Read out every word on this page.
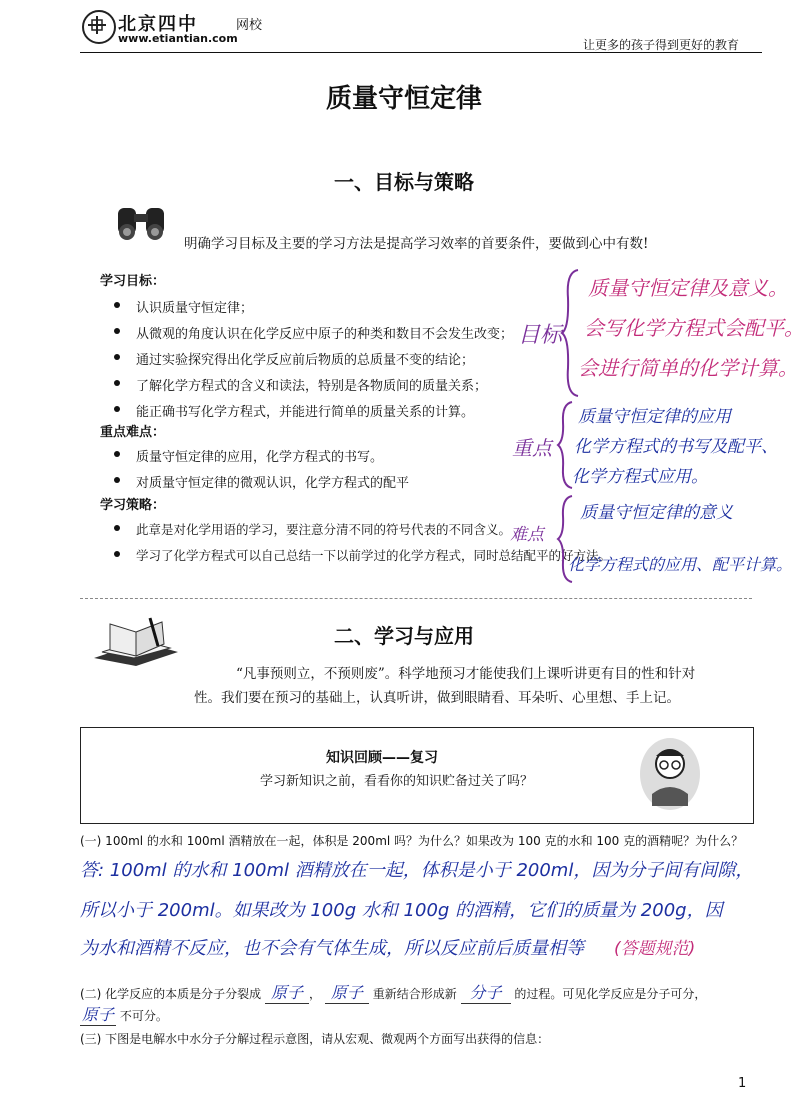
北京四中	网校
www.etiantian.com	让更多的孩子得到更好的教育
质量守恒定律
一、目标与策略
明确学习目标及主要的学习方法是提高学习效率的首要条件，要做到心中有数!
学习目标：
认识质量守恒定律；
从微观的角度认识在化学反应中原子的种类和数目不会发生改变；
通过实验探究得出化学反应前后物质的总质量不变的结论；
了解化学方程式的含义和读法，特别是各物质间的质量关系；
能正确书写化学方程式，并能进行简单的质量关系的计算。
重点难点：
质量守恒定律的应用，化学方程式的书写。
对质量守恒定律的微观认识，化学方程式的配平
学习策略：
此章是对化学用语的学习，要注意分清不同的符号代表的不同含义。
学习了化学方程式可以自己总结一下以前学过的化学方程式，同时总结配平的好方法。
目标
质量守恒定律及意义。
会写化学方程式会配平。
会进行简单的化学计算。
重点
质量守恒定律的应用
化学方程式的书写及配平、
化学方程式应用。
难点
质量守恒定律的意义
化学方程式的应用、配平计算。
二、学习与应用
“凡事预则立，不预则废”。科学地预习才能使我们上课听讲更有目的性和针对
性。我们要在预习的基础上，认真听讲，做到眼睛看、耳朵听、心里想、手上记。
知识回顾——复习
学习新知识之前，看看你的知识贮备过关了吗？
(一) 100ml 的水和 100ml 酒精放在一起，体积是 200ml 吗？为什么？如果改为 100 克的水和 100 克的酒精呢？为什么？
答: 100ml 的水和 100ml 酒精放在一起，体积是小于 200ml，因为分子间有间隙，
所以小于 200ml。如果改为 100g 水和 100g 的酒精，它们的质量为 200g，因
为水和酒精不反应，也不会有气体生成，所以反应前后质量相等 (答题规范)
(二) 化学反应的本质是分子分裂成 原子 ， 原子 重新结合形成新 分子 的过程。可见化学反应是分子可分，
原子 不可分。
(三) 下图是电解水中水分子分解过程示意图，请从宏观、微观两个方面写出获得的信息：
1
